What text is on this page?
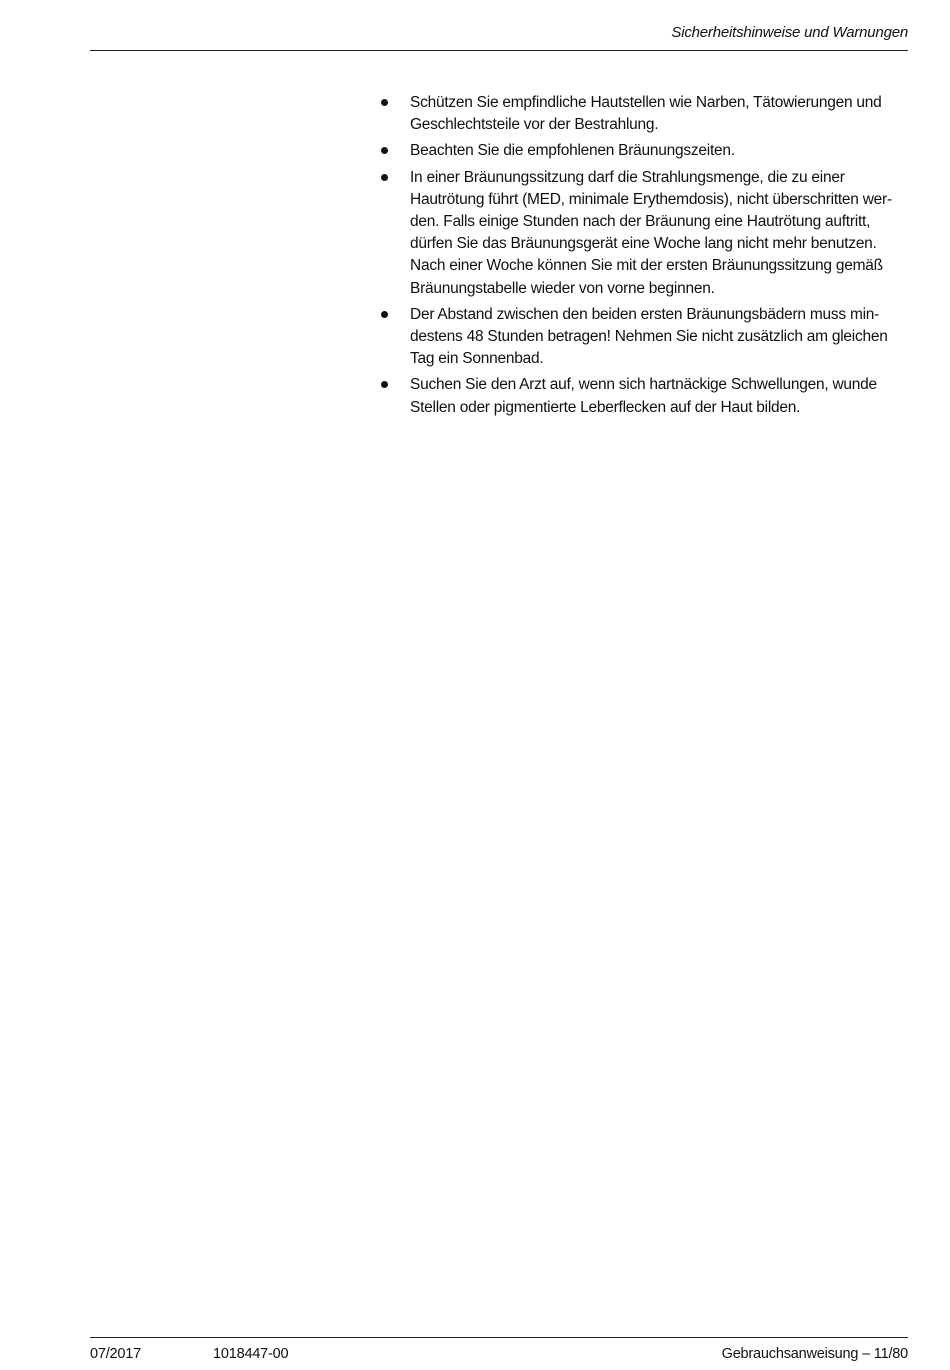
Sicherheitshinweise und Warnungen
Schützen Sie empfindliche Hautstellen wie Narben, Tätowierungen und
Geschlechtsteile vor der Bestrahlung.
Beachten Sie die empfohlenen Bräunungszeiten.
In einer Bräunungssitzung darf die Strahlungsmenge, die zu einer
Hautrötung führt (MED, minimale Erythemdosis), nicht überschritten wer-
den. Falls einige Stunden nach der Bräunung eine Hautrötung auftritt,
dürfen Sie das Bräunungsgerät eine Woche lang nicht mehr benutzen.
Nach einer Woche können Sie mit der ersten Bräunungssitzung gemäß
Bräunungstabelle wieder von vorne beginnen.
Der Abstand zwischen den beiden ersten Bräunungsbädern muss min-
destens 48 Stunden betragen! Nehmen Sie nicht zusätzlich am gleichen
Tag ein Sonnenbad.
Suchen Sie den Arzt auf, wenn sich hartnäckige Schwellungen, wunde
Stellen oder pigmentierte Leberflecken auf der Haut bilden.
07/2017	1018447-00	Gebrauchsanweisung – 11/80
